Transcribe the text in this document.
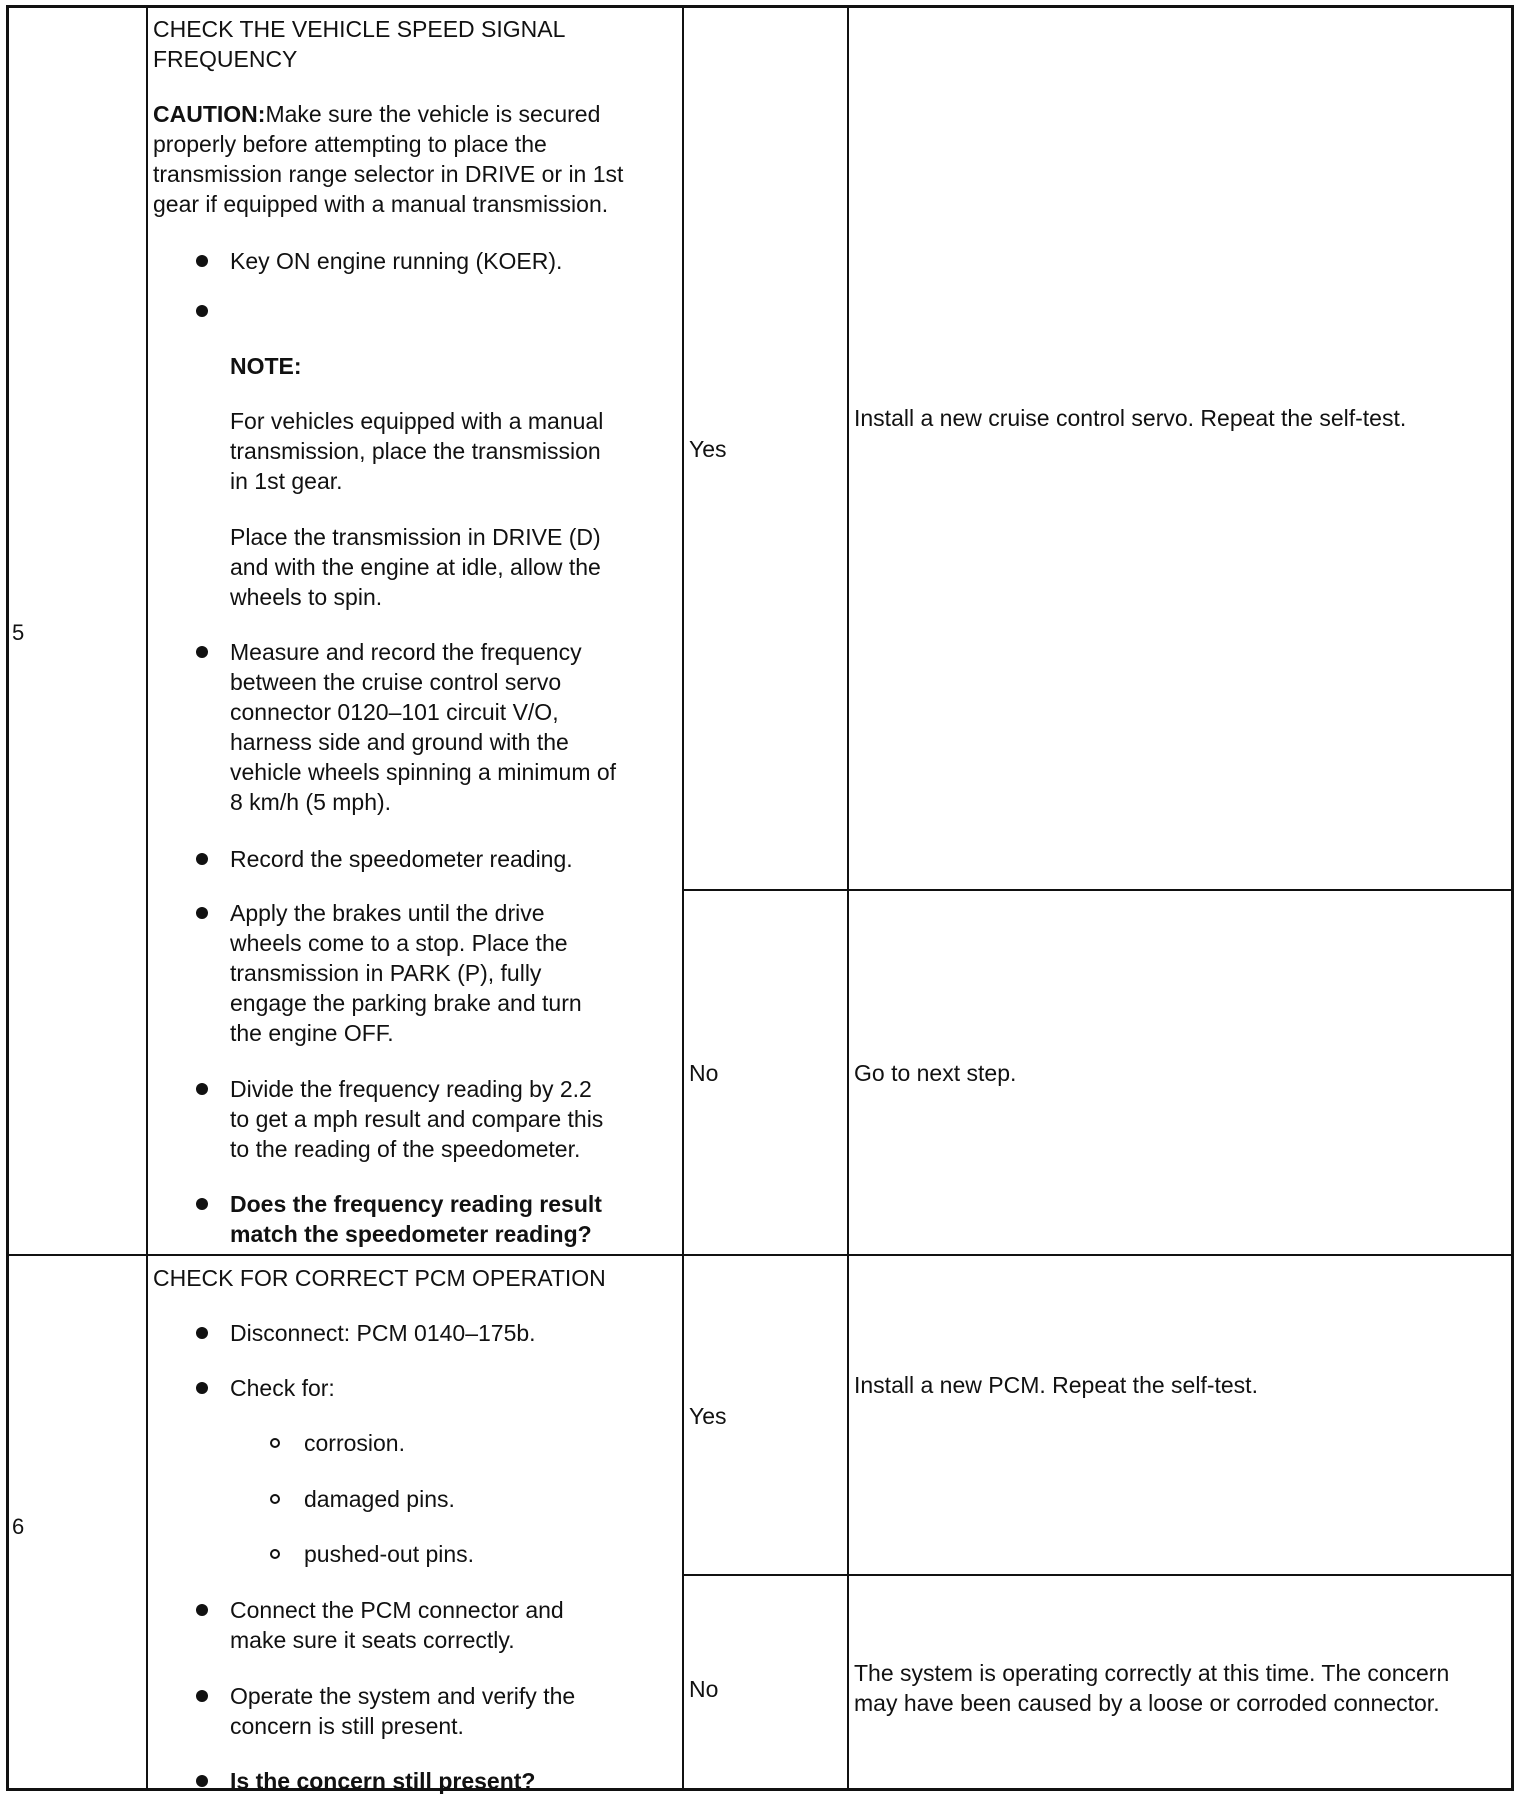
5
CHECK THE VEHICLE SPEED SIGNAL
FREQUENCY
CAUTION:Make sure the vehicle is secured
properly before attempting to place the
transmission range selector in DRIVE or in 1st
gear if equipped with a manual transmission.
Key ON engine running (KOER).
NOTE:
For vehicles equipped with a manual
transmission, place the transmission
in 1st gear.
Place the transmission in DRIVE (D)
and with the engine at idle, allow the
wheels to spin.
Measure and record the frequency
between the cruise control servo
connector 0120–101 circuit V/O,
harness side and ground with the
vehicle wheels spinning a minimum of
8 km/h (5 mph).
Record the speedometer reading.
Apply the brakes until the drive
wheels come to a stop. Place the
transmission in PARK (P), fully
engage the parking brake and turn
the engine OFF.
Divide the frequency reading by 2.2
to get a mph result and compare this
to the reading of the speedometer.
Does the frequency reading result
match the speedometer reading?
Yes
Install a new cruise control servo. Repeat the self-test.
No	Go to next step.
6
CHECK FOR CORRECT PCM OPERATION
Disconnect: PCM 0140–175b.
Check for:
corrosion.
damaged pins.
pushed-out pins.
Connect the PCM connector and
make sure it seats correctly.
Operate the system and verify the
concern is still present.
Is the concern still present?
Yes
Install a new PCM. Repeat the self-test.
No
The system is operating correctly at this time. The concern
may have been caused by a loose or corroded connector.
